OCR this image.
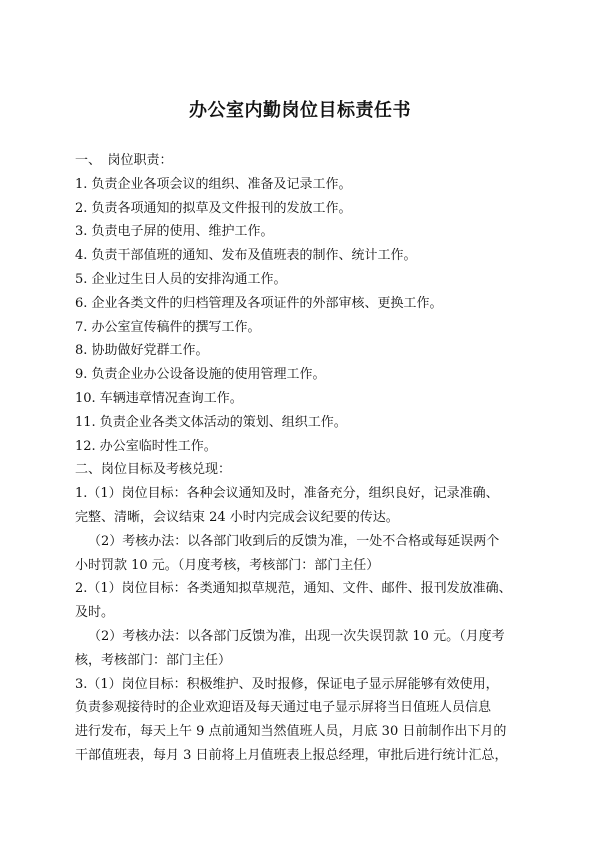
办公室内勤岗位目标责任书
一、　岗位职责：
1. 负责企业各项会议的组织、准备及记录工作。
2. 负责各项通知的拟草及文件报刊的发放工作。
3. 负责电子屏的使用、维护工作。
4. 负责干部值班的通知、发布及值班表的制作、统计工作。
5. 企业过生日人员的安排沟通工作。
6. 企业各类文件的归档管理及各项证件的外部审核、更换工作。
7. 办公室宣传稿件的撰写工作。
8. 协助做好党群工作。
9. 负责企业办公设备设施的使用管理工作。
10. 车辆违章情况查询工作。
11. 负责企业各类文体活动的策划、组织工作。
12. 办公室临时性工作。
二、岗位目标及考核兑现：
1.（1）岗位目标：各种会议通知及时，准备充分，组织良好，记录准确、
完整、清晰，会议结束 24 小时内完成会议纪要的传达。
（2）考核办法：以各部门收到后的反馈为准，一处不合格或每延误两个
小时罚款 10 元。（月度考核，考核部门：部门主任）
2.（1）岗位目标：各类通知拟草规范，通知、文件、邮件、报刊发放准确、
及时。
（2）考核办法：以各部门反馈为准，出现一次失误罚款 10 元。（月度考
核，考核部门：部门主任）
3.（1）岗位目标：积极维护、及时报修，保证电子显示屏能够有效使用，
负责参观接待时的企业欢迎语及每天通过电子显示屏将当日值班人员信息
进行发布，每天上午 9 点前通知当然值班人员，月底 30 日前制作出下月的
干部值班表，每月 3 日前将上月值班表上报总经理，审批后进行统计汇总，
